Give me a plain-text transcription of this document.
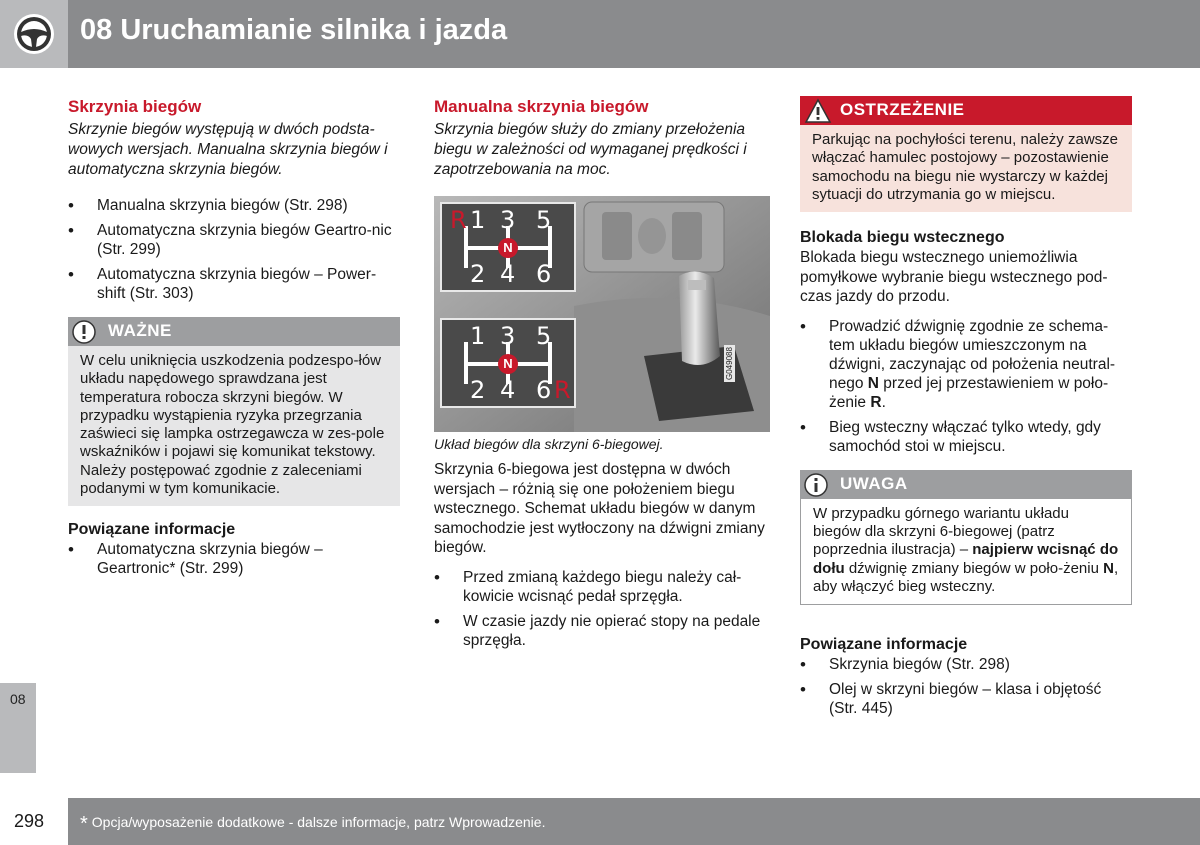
08 Uruchamianie silnika i jazda
08
298 * Opcja/wyposażenie dodatkowe - dalsze informacje, patrz Wprowadzenie.
Skrzynia biegów

Skrzynie biegów występują w dwóch podsta-wowych wersjach. Manualna skrzynia biegów i automatyczna skrzynia biegów.

• Manualna skrzynia biegów (Str. 298)
• Automatyczna skrzynia biegów Geartro-nic (Str. 299)
• Automatyczna skrzynia biegów – Power-shift (Str. 303)
WAŻNE
W celu uniknięcia uszkodzenia podzespo-łów układu napędowego sprawdzana jest temperatura robocza skrzyni biegów. W przypadku wystąpienia ryzyka przegrzania zaświeci się lampka ostrzegawcza w zes-pole wskaźników i pojawi się komunikat tekstowy. Należy postępować zgodnie z zaleceniami podanymi w tym komunikacie.
Powiązane informacje
• Automatyczna skrzynia biegów – Geartronic* (Str. 299)
Manualna skrzynia biegów

Skrzynia biegów służy do zmiany przełożenia biegu w zależności od wymaganej prędkości i zapotrzebowania na moc.

R 1 3 5
2 4 6
N
1 3 5
2 4 6 R
N	G049088
Układ biegów dla skrzyni 6-biegowej.

Skrzynia 6-biegowa jest dostępna w dwóch wersjach – różnią się one położeniem biegu wstecznego. Schemat układu biegów w danym samochodzie jest wytłoczony na dźwigni zmiany biegów.

• Przed zmianą każdego biegu należy cał-kowicie wcisnąć pedał sprzęgła.
• W czasie jazdy nie opierać stopy na pedale sprzęgła.
OSTRZEŻENIE
Parkując na pochyłości terenu, należy zawsze włączać hamulec postojowy – pozostawienie samochodu na biegu nie wystarczy w każdej sytuacji do utrzymania go w miejscu.
Blokada biegu wstecznego

Blokada biegu wstecznego uniemożliwia pomyłkowe wybranie biegu wstecznego pod-czas jazdy do przodu.

• Prowadzić dźwignię zgodnie ze schema-tem układu biegów umieszczonym na dźwigni, zaczynając od położenia neutral-nego N przed jej przestawieniem w poło-żenie R.
• Bieg wsteczny włączać tylko wtedy, gdy samochód stoi w miejscu.
UWAGA
W przypadku górnego wariantu układu biegów dla skrzyni 6-biegowej (patrz poprzednia ilustracja) – najpierw wcisnąć do dołu dźwignię zmiany biegów w poło-żeniu N, aby włączyć bieg wsteczny.
Powiązane informacje
• Skrzynia biegów (Str. 298)
• Olej w skrzyni biegów – klasa i objętość (Str. 445)
